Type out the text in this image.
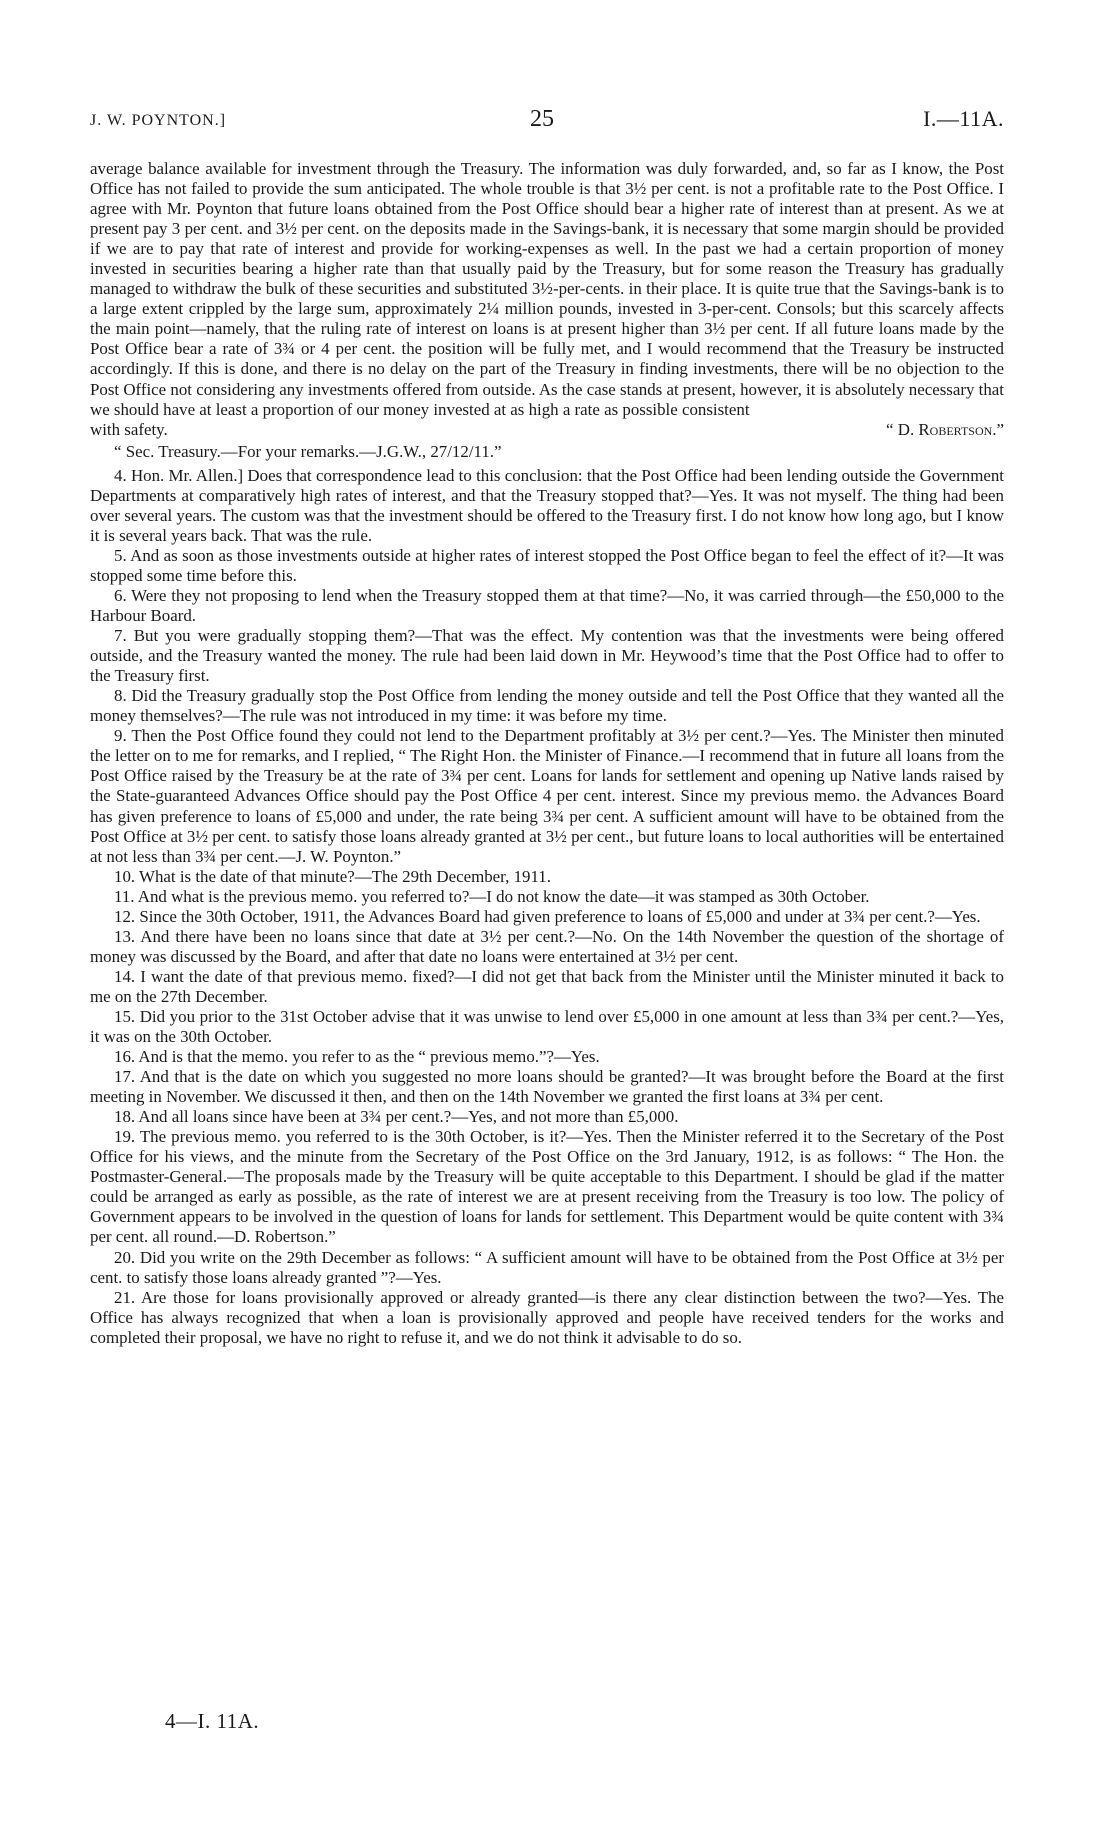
J. W. POYNTON.]	25	I.—11A.

average balance available for investment through the Treasury. The information was duly forwarded, and, so far as I know, the Post Office has not failed to provide the sum anticipated. The whole trouble is that 3½ per cent. is not a profitable rate to the Post Office. I agree with Mr. Poynton that future loans obtained from the Post Office should bear a higher rate of interest than at present. As we at present pay 3 per cent. and 3½ per cent. on the deposits made in the Savings-bank, it is necessary that some margin should be provided if we are to pay that rate of interest and provide for working-expenses as well. In the past we had a certain proportion of money invested in securities bearing a higher rate than that usually paid by the Treasury, but for some reason the Treasury has gradually managed to withdraw the bulk of these securities and substituted 3½-per-cents. in their place. It is quite true that the Savings-bank is to a large extent crippled by the large sum, approximately 2¼ million pounds, invested in 3-per-cent. Consols; but this scarcely affects the main point—namely, that the ruling rate of interest on loans is at present higher than 3½ per cent. If all future loans made by the Post Office bear a rate of 3¾ or 4 per cent. the position will be fully met, and I would recommend that the Treasury be instructed accordingly. If this is done, and there is no delay on the part of the Treasury in finding investments, there will be no objection to the Post Office not considering any investments offered from outside. As the case stands at present, however, it is absolutely necessary that we should have at least a proportion of our money invested at as high a rate as possible consistent

with safety.	“ D. Robertson.”

“ Sec. Treasury.—For your remarks.—J.G.W., 27/12/11.”

4. Hon. Mr. Allen.] Does that correspondence lead to this conclusion: that the Post Office had been lending outside the Government Departments at comparatively high rates of interest, and that the Treasury stopped that?—Yes. It was not myself. The thing had been over several years. The custom was that the investment should be offered to the Treasury first. I do not know how long ago, but I know it is several years back. That was the rule.

5. And as soon as those investments outside at higher rates of interest stopped the Post Office began to feel the effect of it?—It was stopped some time before this.

6. Were they not proposing to lend when the Treasury stopped them at that time?—No, it was carried through—the £50,000 to the Harbour Board.

7. But you were gradually stopping them?—That was the effect. My contention was that the investments were being offered outside, and the Treasury wanted the money. The rule had been laid down in Mr. Heywood’s time that the Post Office had to offer to the Treasury first.

8. Did the Treasury gradually stop the Post Office from lending the money outside and tell the Post Office that they wanted all the money themselves?—The rule was not introduced in my time: it was before my time.

9. Then the Post Office found they could not lend to the Department profitably at 3½ per cent.?—Yes. The Minister then minuted the letter on to me for remarks, and I replied, “ The Right Hon. the Minister of Finance.—I recommend that in future all loans from the Post Office raised by the Treasury be at the rate of 3¾ per cent. Loans for lands for settlement and opening up Native lands raised by the State-guaranteed Advances Office should pay the Post Office 4 per cent. interest. Since my previous memo. the Advances Board has given preference to loans of £5,000 and under, the rate being 3¾ per cent. A sufficient amount will have to be obtained from the Post Office at 3½ per cent. to satisfy those loans already granted at 3½ per cent., but future loans to local authorities will be entertained at not less than 3¾ per cent.—J. W. Poynton.”

10. What is the date of that minute?—The 29th December, 1911.

11. And what is the previous memo. you referred to?—I do not know the date—it was stamped as 30th October.

12. Since the 30th October, 1911, the Advances Board had given preference to loans of £5,000 and under at 3¾ per cent.?—Yes.

13. And there have been no loans since that date at 3½ per cent.?—No. On the 14th November the question of the shortage of money was discussed by the Board, and after that date no loans were entertained at 3½ per cent.

14. I want the date of that previous memo. fixed?—I did not get that back from the Minister until the Minister minuted it back to me on the 27th December.

15. Did you prior to the 31st October advise that it was unwise to lend over £5,000 in one amount at less than 3¾ per cent.?—Yes, it was on the 30th October.

16. And is that the memo. you refer to as the “ previous memo.”?—Yes.

17. And that is the date on which you suggested no more loans should be granted?—It was brought before the Board at the first meeting in November. We discussed it then, and then on the 14th November we granted the first loans at 3¾ per cent.

18. And all loans since have been at 3¾ per cent.?—Yes, and not more than £5,000.

19. The previous memo. you referred to is the 30th October, is it?—Yes. Then the Minister referred it to the Secretary of the Post Office for his views, and the minute from the Secretary of the Post Office on the 3rd January, 1912, is as follows: “ The Hon. the Postmaster-General.—The proposals made by the Treasury will be quite acceptable to this Department. I should be glad if the matter could be arranged as early as possible, as the rate of interest we are at present receiving from the Treasury is too low. The policy of Government appears to be involved in the question of loans for lands for settlement. This Department would be quite content with 3¾ per cent. all round.—D. Robertson.”

20. Did you write on the 29th December as follows: “ A sufficient amount will have to be obtained from the Post Office at 3½ per cent. to satisfy those loans already granted ”?—Yes.

21. Are those for loans provisionally approved or already granted—is there any clear distinction between the two?—Yes. The Office has always recognized that when a loan is provisionally approved and people have received tenders for the works and completed their proposal, we have no right to refuse it, and we do not think it advisable to do so.

4—I. 11A.
